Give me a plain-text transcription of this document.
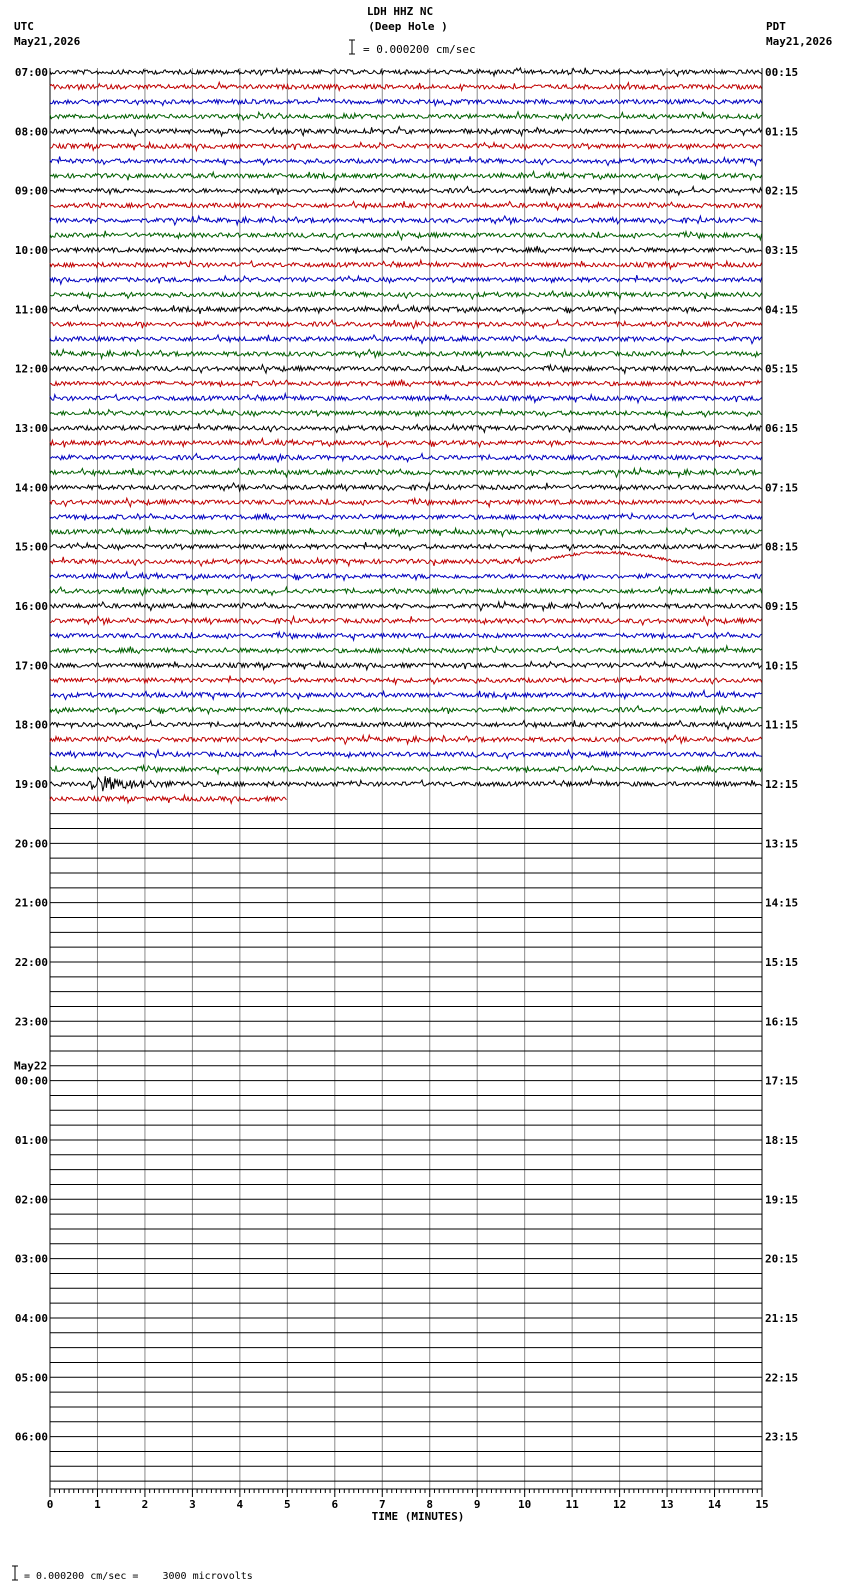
UTC
May21,2026
LDH HHZ NC
(Deep Hole )
= 0.000200 cm/sec
PDT
May21,2026
07:00
08:00
09:00
10:00
11:00
12:00
13:00
14:00
15:00
16:00
17:00
18:00
19:00
20:00
21:00
22:00
23:00
00:00
May22
01:00
02:00
03:00
04:00
05:00
06:00
00:15
01:15
02:15
03:15
04:15
05:15
06:15
07:15
08:15
09:15
10:15
11:15
12:15
13:15
14:15
15:15
16:15
17:15
18:15
19:15
20:15
21:15
22:15
23:15
0	1	2	3	4	5	6	7	8	9	10	11	12	13	14	15
TIME (MINUTES)
= 0.000200 cm/sec =    3000 microvolts
